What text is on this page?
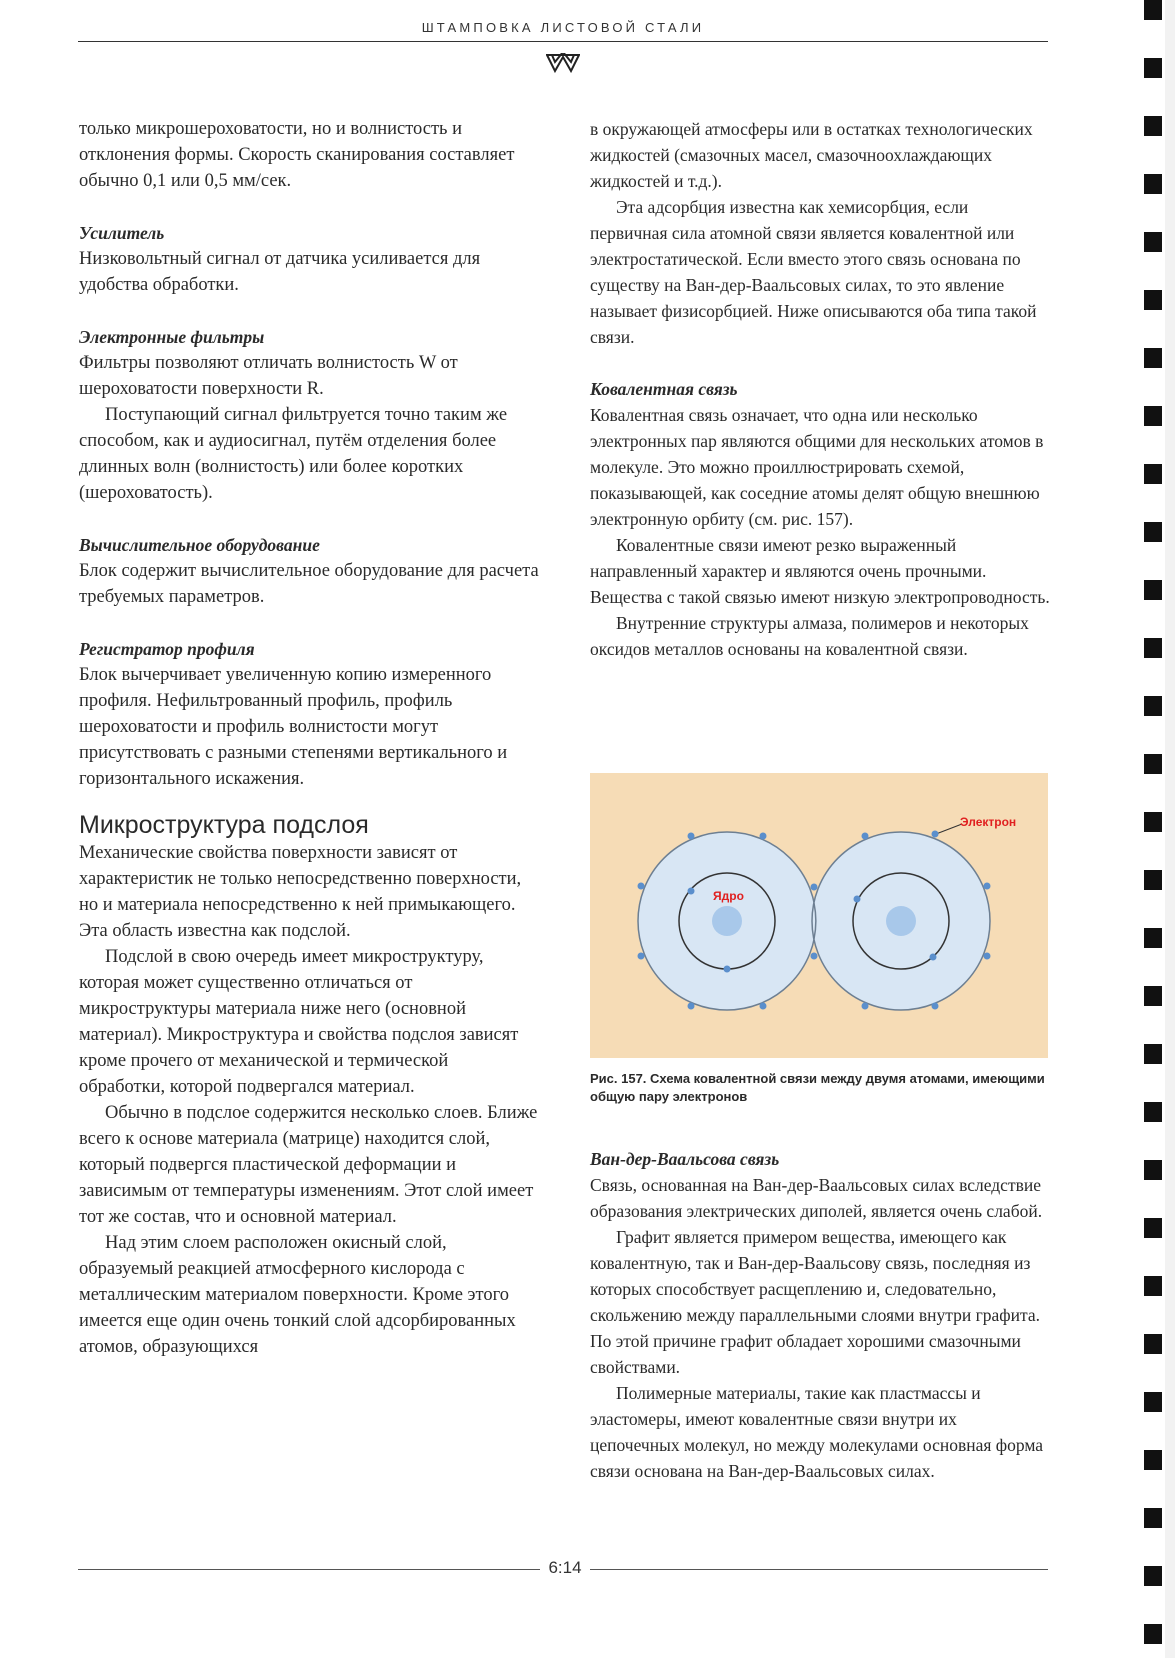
ШТАМПОВКА ЛИСТОВОЙ СТАЛИ

только микрошероховатости, но и волнистость и отклонения формы. Скорость сканирования составляет обычно 0,1 или 0,5 мм/сек.

Усилитель

Низковольтный сигнал от датчика усиливается для удобства обработки.

Электронные фильтры

Фильтры позволяют отличать волнистость W от шероховатости поверхности R.

Поступающий сигнал фильтруется точно таким же способом, как и аудиосигнал, путём отделения более длинных волн (волнистость) или более коротких (шероховатость).

Вычислительное оборудование

Блок содержит вычислительное оборудование для расчета требуемых параметров.

Регистратор профиля

Блок вычерчивает увеличенную копию измеренного профиля. Нефильтрованный профиль, профиль шероховатости и профиль волнистости могут присутствовать с разными степенями вертикального и горизонтального искажения.

Микроструктура подслоя

Механические свойства поверхности зависят от характеристик не только непосредственно поверхности, но и материала непосредственно к ней примыкающего. Эта область известна как подслой.

Подслой в свою очередь имеет микроструктуру, которая может существенно отличаться от микроструктуры материала ниже него (основной материал). Микроструктура и свойства подслоя зависят кроме прочего от механической и термической обработки, которой подвергался материал.

Обычно в подслое содержится несколько слоев. Ближе всего к основе материала (матрице) находится слой, который подвергся пластической деформации и зависимым от температуры изменениям. Этот слой имеет тот же состав, что и основной материал.

Над этим слоем расположен окисный слой, образуемый реакцией атмосферного кислорода с металлическим материалом поверхности. Кроме этого имеется еще один очень тонкий слой адсорбированных атомов, образующихся

в окружающей атмосферы или в остатках технологических жидкостей (смазочных масел, смазочноохлаждающих жидкостей и т.д.).

Эта адсорбция известна как хемисорбция, если первичная сила атомной связи является ковалентной или электростатической. Если вместо этого связь основана по существу на Ван-дер-Ваальсовых силах, то это явление называет физисорбцией. Ниже описываются оба типа такой связи.

Ковалентная связь

Ковалентная связь означает, что одна или несколько электронных пар являются общими для нескольких атомов в молекуле. Это можно проиллюстрировать схемой, показывающей, как соседние атомы делят общую внешнюю электронную орбиту (см. рис. 157).

Ковалентные связи имеют резко выраженный направленный характер и являются очень прочными. Вещества с такой связью имеют низкую электропроводность.

Внутренние структуры алмаза, полимеров и некоторых оксидов металлов основаны на ковалентной связи.

Ядро
Электрон
Рис. 157. Схема ковалентной связи между двумя атомами, имеющими общую пару электронов
Ван-дер-Ваальсова связь

Связь, основанная на Ван-дер-Ваальсовых силах вследствие образования электрических диполей, является очень слабой.

Графит является примером вещества, имеющего как ковалентную, так и Ван-дер-Ваальсову связь, последняя из которых способствует расщеплению и, следовательно, скольжению между параллельными слоями внутри графита. По этой причине графит обладает хорошими смазочными свойствами.

Полимерные материалы, такие как пластмассы и эластомеры, имеют ковалентные связи внутри их цепочечных молекул, но между молекулами основная форма связи основана на Ван-дер-Ваальсовых силах.

6:14
